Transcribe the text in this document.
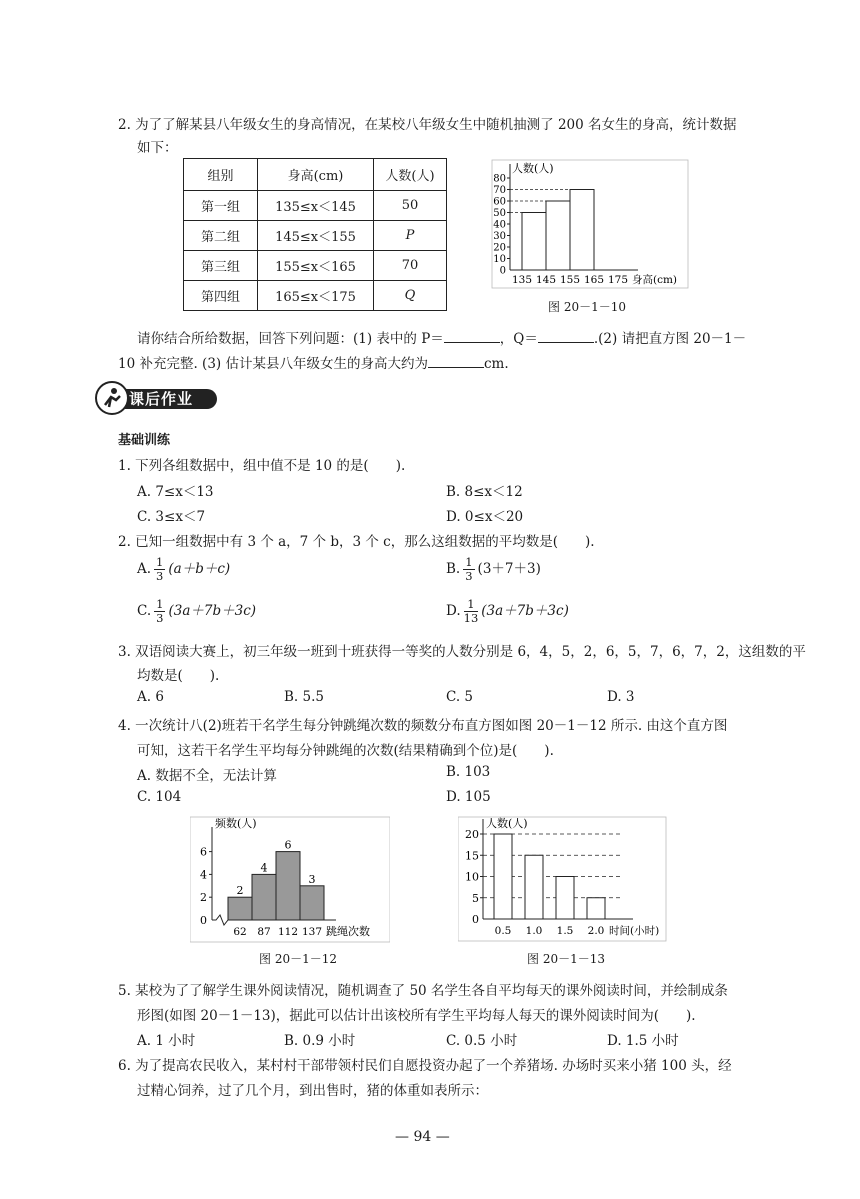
2. 为了了解某县八年级女生的身高情况，在某校八年级女生中随机抽测了 200 名女生的身高，统计数据
如下：
组别	身高(cm)	人数(人)
第一组	135≤x＜145	50
第二组	145≤x＜155	P
第三组	155≤x＜165	70
第四组	165≤x＜175	Q
0
10
20
30
40
50
60
70
80
135 145 155 165 175
人数(人)
身高(cm)
图 20－1－10
请你结合所给数据，回答下列问题：(1) 表中的 P＝	，Q＝	.(2) 请把直方图 20－1－
10 补充完整. (3) 估计某县八年级女生的身高大约为	cm.
课后作业
基础训练
1. 下列各组数据中，组中值不是 10 的是(　　).
A. 7≤x＜13	B. 8≤x＜12
C. 3≤x＜7	D. 0≤x＜20
2. 已知一组数据中有 3 个 a，7 个 b，3 个 c，那么这组数据的平均数是(　　).
A. $\frac{1}{3} (a+b+c)$	B. $\frac{1}{3} (3+7+3)$
C. $\frac{1}{3} (3a+7b+3c)$	D. $\frac{1}{13} (3a+7b+3c)$
3. 双语阅读大赛上，初三年级一班到十班获得一等奖的人数分别是 6，4，5，2，6，5，7，6，7，2，这组数的平
均数是(　　).
A. 6	B. 5.5	C. 5	D. 3
4. 一次统计八(2)班若干名学生每分钟跳绳次数的频数分布直方图如图 20－1－12 所示. 由这个直方图
可知，这若干名学生平均每分钟跳绳的次数(结果精确到个位)是(　　).
A. 数据不全，无法计算	B. 103
C. 104	D. 105
0
2
4
6
2
4
6
3
62 87 112 137
频数(人)
跳绳次数
0
5
10
15
20
0.5 1.0 1.5 2.0
人数(人)
时间(小时)
图 20－1－12	图 20－1－13
5. 某校为了了解学生课外阅读情况，随机调查了 50 名学生各自平均每天的课外阅读时间，并绘制成条
形图(如图 20－1－13)，据此可以估计出该校所有学生平均每人每天的课外阅读时间为(　　).
A. 1 小时	B. 0.9 小时	C. 0.5 小时	D. 1.5 小时
6. 为了提高农民收入，某村村干部带领村民们自愿投资办起了一个养猪场. 办场时买来小猪 100 头，经
过精心饲养，过了几个月，到出售时，猪的体重如表所示：
— 94 —
